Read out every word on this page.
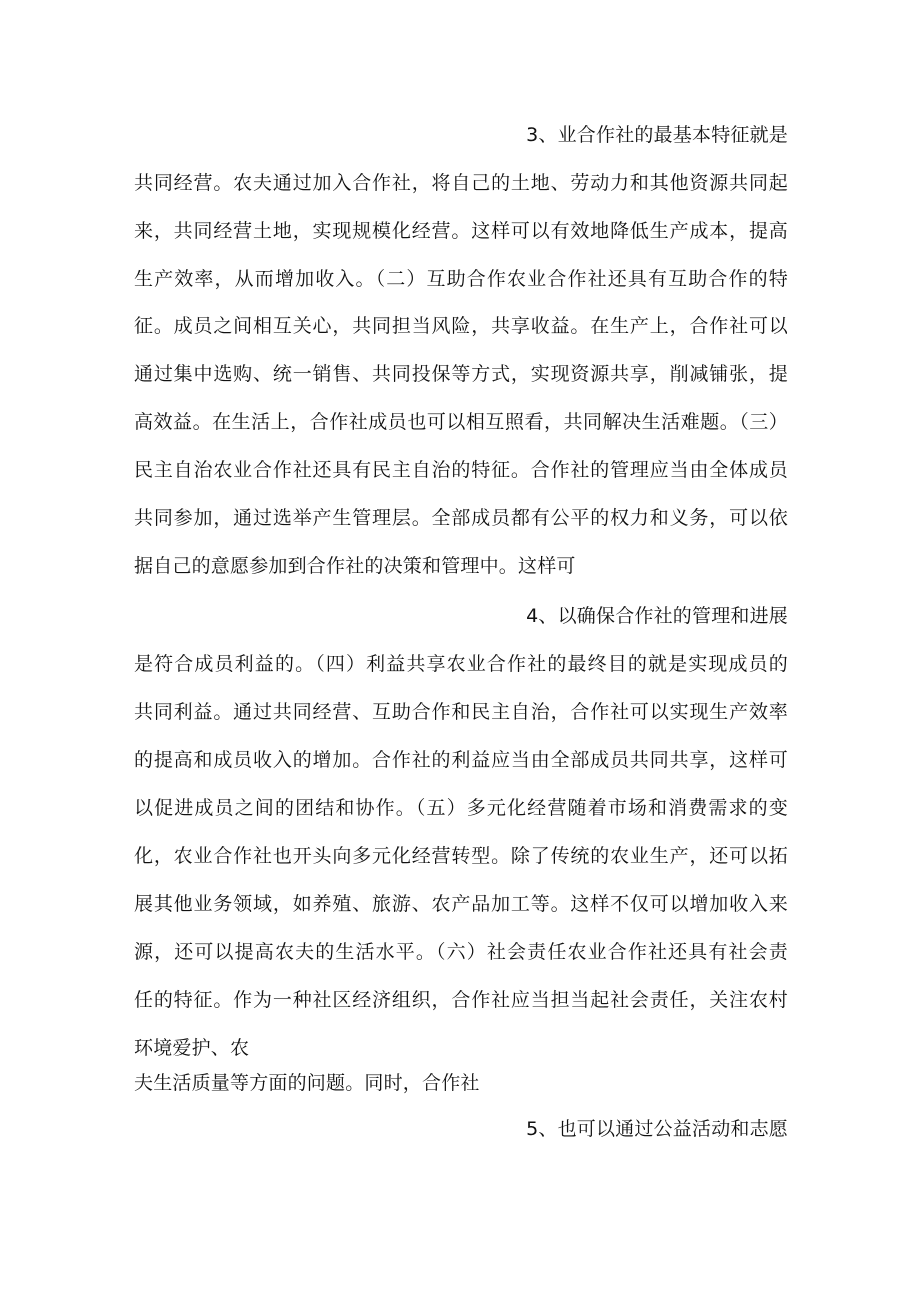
3、业合作社的最基本特征就是
共同经营。农夫通过加入合作社，将自己的土地、劳动力和其他资源共同起
来，共同经营土地，实现规模化经营。这样可以有效地降低生产成本，提高
生产效率，从而增加收入。（二）互助合作农业合作社还具有互助合作的特
征。成员之间相互关心，共同担当风险，共享收益。在生产上，合作社可以
通过集中选购、统一销售、共同投保等方式，实现资源共享，削减铺张，提
高效益。在生活上，合作社成员也可以相互照看，共同解决生活难题。（三）
民主自治农业合作社还具有民主自治的特征。合作社的管理应当由全体成员
共同参加，通过选举产生管理层。全部成员都有公平的权力和义务，可以依
据自己的意愿参加到合作社的决策和管理中。这样可
4、以确保合作社的管理和进展
是符合成员利益的。（四）利益共享农业合作社的最终目的就是实现成员的
共同利益。通过共同经营、互助合作和民主自治，合作社可以实现生产效率
的提高和成员收入的增加。合作社的利益应当由全部成员共同共享，这样可
以促进成员之间的团结和协作。（五）多元化经营随着市场和消费需求的变
化，农业合作社也开头向多元化经营转型。除了传统的农业生产，还可以拓
展其他业务领域，如养殖、旅游、农产品加工等。这样不仅可以增加收入来
源，还可以提高农夫的生活水平。（六）社会责任农业合作社还具有社会责
任的特征。作为一种社区经济组织，合作社应当担当起社会责任，关注农村
环境爱护、农
夫生活质量等方面的问题。同时，合作社
5、也可以通过公益活动和志愿
